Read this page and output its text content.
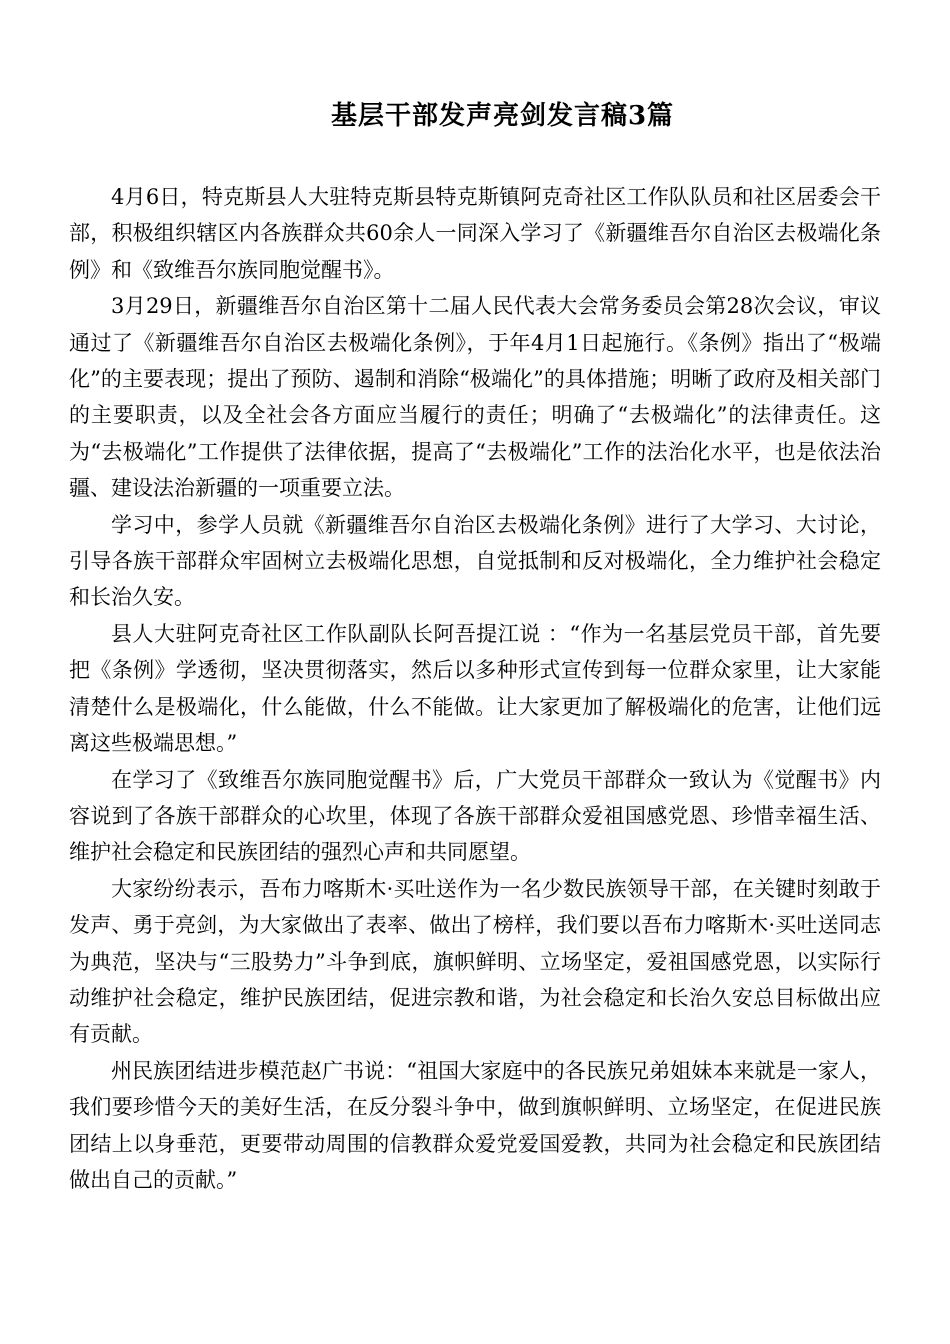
基层干部发声亮剑发言稿3篇

4月6日，特克斯县人大驻特克斯县特克斯镇阿克奇社区工作队队员和社区居委会干部，积极组织辖区内各族群众共60余人一同深入学习了《新疆维吾尔自治区去极端化条例》和《致维吾尔族同胞觉醒书》。

3月29日，新疆维吾尔自治区第十二届人民代表大会常务委员会第28次会议，审议通过了《新疆维吾尔自治区去极端化条例》，于年4月1日起施行。《条例》指出了“极端化”的主要表现；提出了预防、遏制和消除“极端化”的具体措施；明晰了政府及相关部门的主要职责，以及全社会各方面应当履行的责任；明确了“去极端化”的法律责任。这为“去极端化”工作提供了法律依据，提高了“去极端化”工作的法治化水平，也是依法治疆、建设法治新疆的一项重要立法。

学习中，参学人员就《新疆维吾尔自治区去极端化条例》进行了大学习、大讨论，引导各族干部群众牢固树立去极端化思想，自觉抵制和反对极端化，全力维护社会稳定和长治久安。

县人大驻阿克奇社区工作队副队长阿吾提江说 ：“作为一名基层党员干部，首先要把《条例》学透彻，坚决贯彻落实，然后以多种形式宣传到每一位群众家里，让大家能清楚什么是极端化，什么能做，什么不能做。让大家更加了解极端化的危害，让他们远离这些极端思想。”

在学习了《致维吾尔族同胞觉醒书》后，广大党员干部群众一致认为《觉醒书》内容说到了各族干部群众的心坎里，体现了各族干部群众爱祖国感党恩、珍惜幸福生活、维护社会稳定和民族团结的强烈心声和共同愿望。

大家纷纷表示，吾布力喀斯木·买吐送作为一名少数民族领导干部，在关键时刻敢于发声、勇于亮剑，为大家做出了表率、做出了榜样，我们要以吾布力喀斯木·买吐送同志为典范，坚决与“三股势力”斗争到底，旗帜鲜明、立场坚定，爱祖国感党恩，以实际行动维护社会稳定，维护民族团结，促进宗教和谐，为社会稳定和长治久安总目标做出应有贡献。

州民族团结进步模范赵广书说：“祖国大家庭中的各民族兄弟姐妹本来就是一家人，我们要珍惜今天的美好生活，在反分裂斗争中，做到旗帜鲜明、立场坚定，在促进民族团结上以身垂范，更要带动周围的信教群众爱党爱国爱教，共同为社会稳定和民族团结做出自己的贡献。”
